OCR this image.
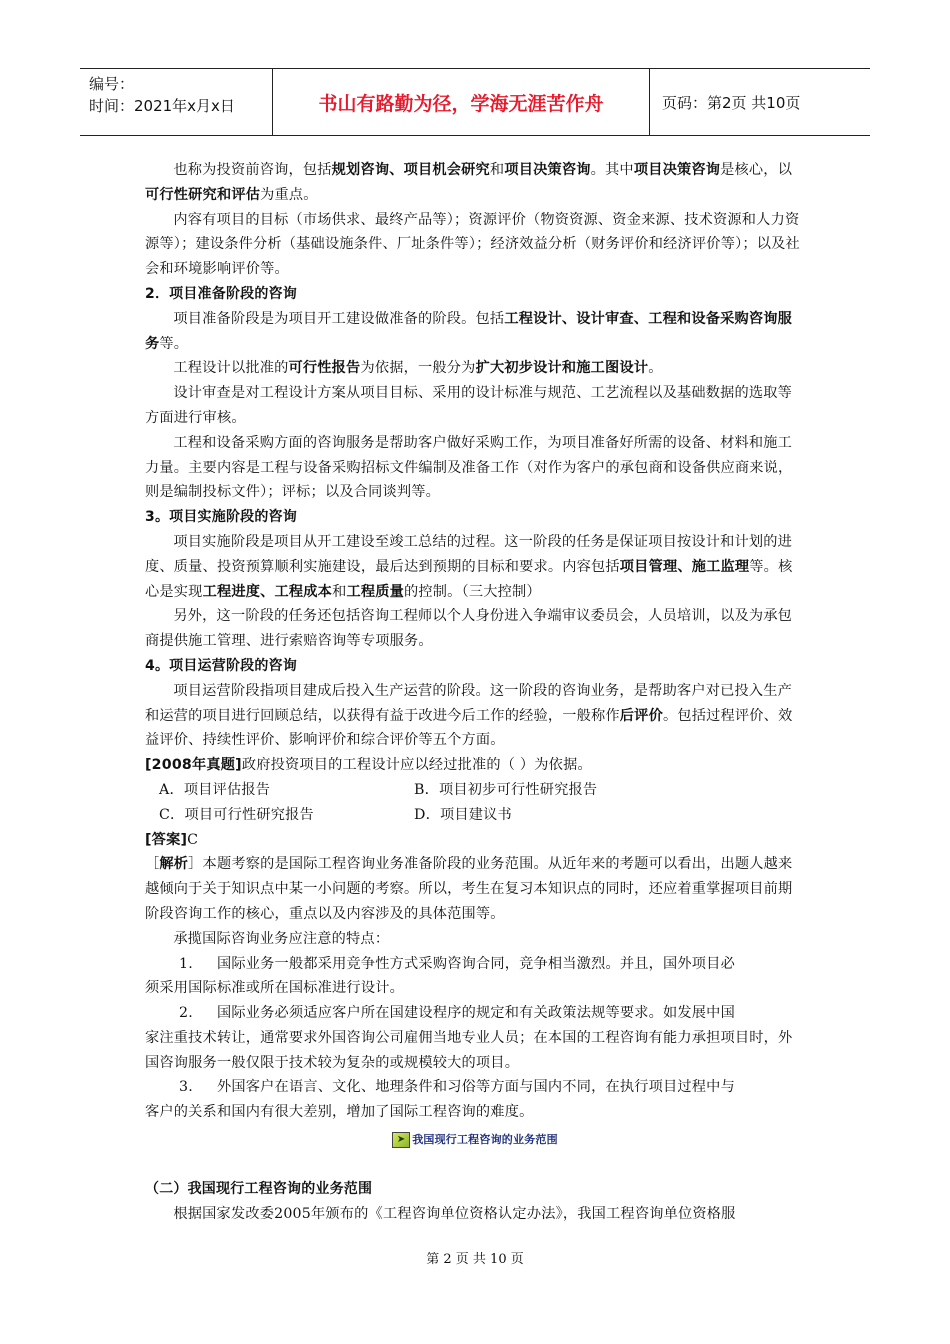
编号：
时间：2021年x月x日	书山有路勤为径，学海无涯苦作舟	页码：第2页 共10页

也称为投资前咨询，包括规划咨询、项目机会研究和项目决策咨询。其中项目决策咨询是核心，以可行性研究和评估为重点。

内容有项目的目标（市场供求、最终产品等）；资源评价（物资资源、资金来源、技术资源和人力资源等）；建设条件分析（基础设施条件、厂址条件等）；经济效益分析（财务评价和经济评价等）；以及社会和环境影响评价等。

2．项目准备阶段的咨询

项目准备阶段是为项目开工建设做准备的阶段。包括工程设计、设计审查、工程和设备采购咨询服务等。

工程设计以批准的可行性报告为依据，一般分为扩大初步设计和施工图设计。

设计审查是对工程设计方案从项目目标、采用的设计标准与规范、工艺流程以及基础数据的选取等方面进行审核。

工程和设备采购方面的咨询服务是帮助客户做好采购工作，为项目准备好所需的设备、材料和施工力量。主要内容是工程与设备采购招标文件编制及准备工作（对作为客户的承包商和设备供应商来说，则是编制投标文件）；评标；以及合同谈判等。

3。项目实施阶段的咨询

项目实施阶段是项目从开工建设至竣工总结的过程。这一阶段的任务是保证项目按设计和计划的进度、质量、投资预算顺利实施建设，最后达到预期的目标和要求。内容包括项目管理、施工监理等。核心是实现工程进度、工程成本和工程质量的控制。（三大控制）

另外，这一阶段的任务还包括咨询工程师以个人身份进入争端审议委员会，人员培训，以及为承包商提供施工管理、进行索赔咨询等专项服务。

4。项目运营阶段的咨询

项目运营阶段指项目建成后投入生产运营的阶段。这一阶段的咨询业务，是帮助客户对已投入生产和运营的项目进行回顾总结，以获得有益于改进今后工作的经验，一般称作后评价。包括过程评价、效益评价、持续性评价、影响评价和综合评价等五个方面。

[2008年真题]政府投资项目的工程设计应以经过批准的（ ）为依据。

A．项目评估报告	B．项目初步可行性研究报告
C．项目可行性研究报告	D．项目建议书

[答案]C

［解析］本题考察的是国际工程咨询业务准备阶段的业务范围。从近年来的考题可以看出，出题人越来越倾向于关于知识点中某一小问题的考察。所以，考生在复习本知识点的同时，还应着重掌握项目前期阶段咨询工作的核心，重点以及内容涉及的具体范围等。

承揽国际咨询业务应注意的特点：

1. 国际业务一般都采用竞争性方式采购咨询合同，竞争相当激烈。并且，国外项目必

须采用国际标准或所在国标准进行设计。

2. 国际业务必须适应客户所在国建设程序的规定和有关政策法规等要求。如发展中国

家注重技术转让，通常要求外国咨询公司雇佣当地专业人员；在本国的工程咨询有能力承担项目时，外国咨询服务一般仅限于技术较为复杂的或规模较大的项目。

3. 外国客户在语言、文化、地理条件和习俗等方面与国内不同，在执行项目过程中与

客户的关系和国内有很大差别，增加了国际工程咨询的难度。

➤ 我国现行工程咨询的业务范围

（二）我国现行工程咨询的业务范围

根据国家发改委2005年颁布的《工程咨询单位资格认定办法》，我国工程咨询单位资格服

第 2 页 共 10 页
